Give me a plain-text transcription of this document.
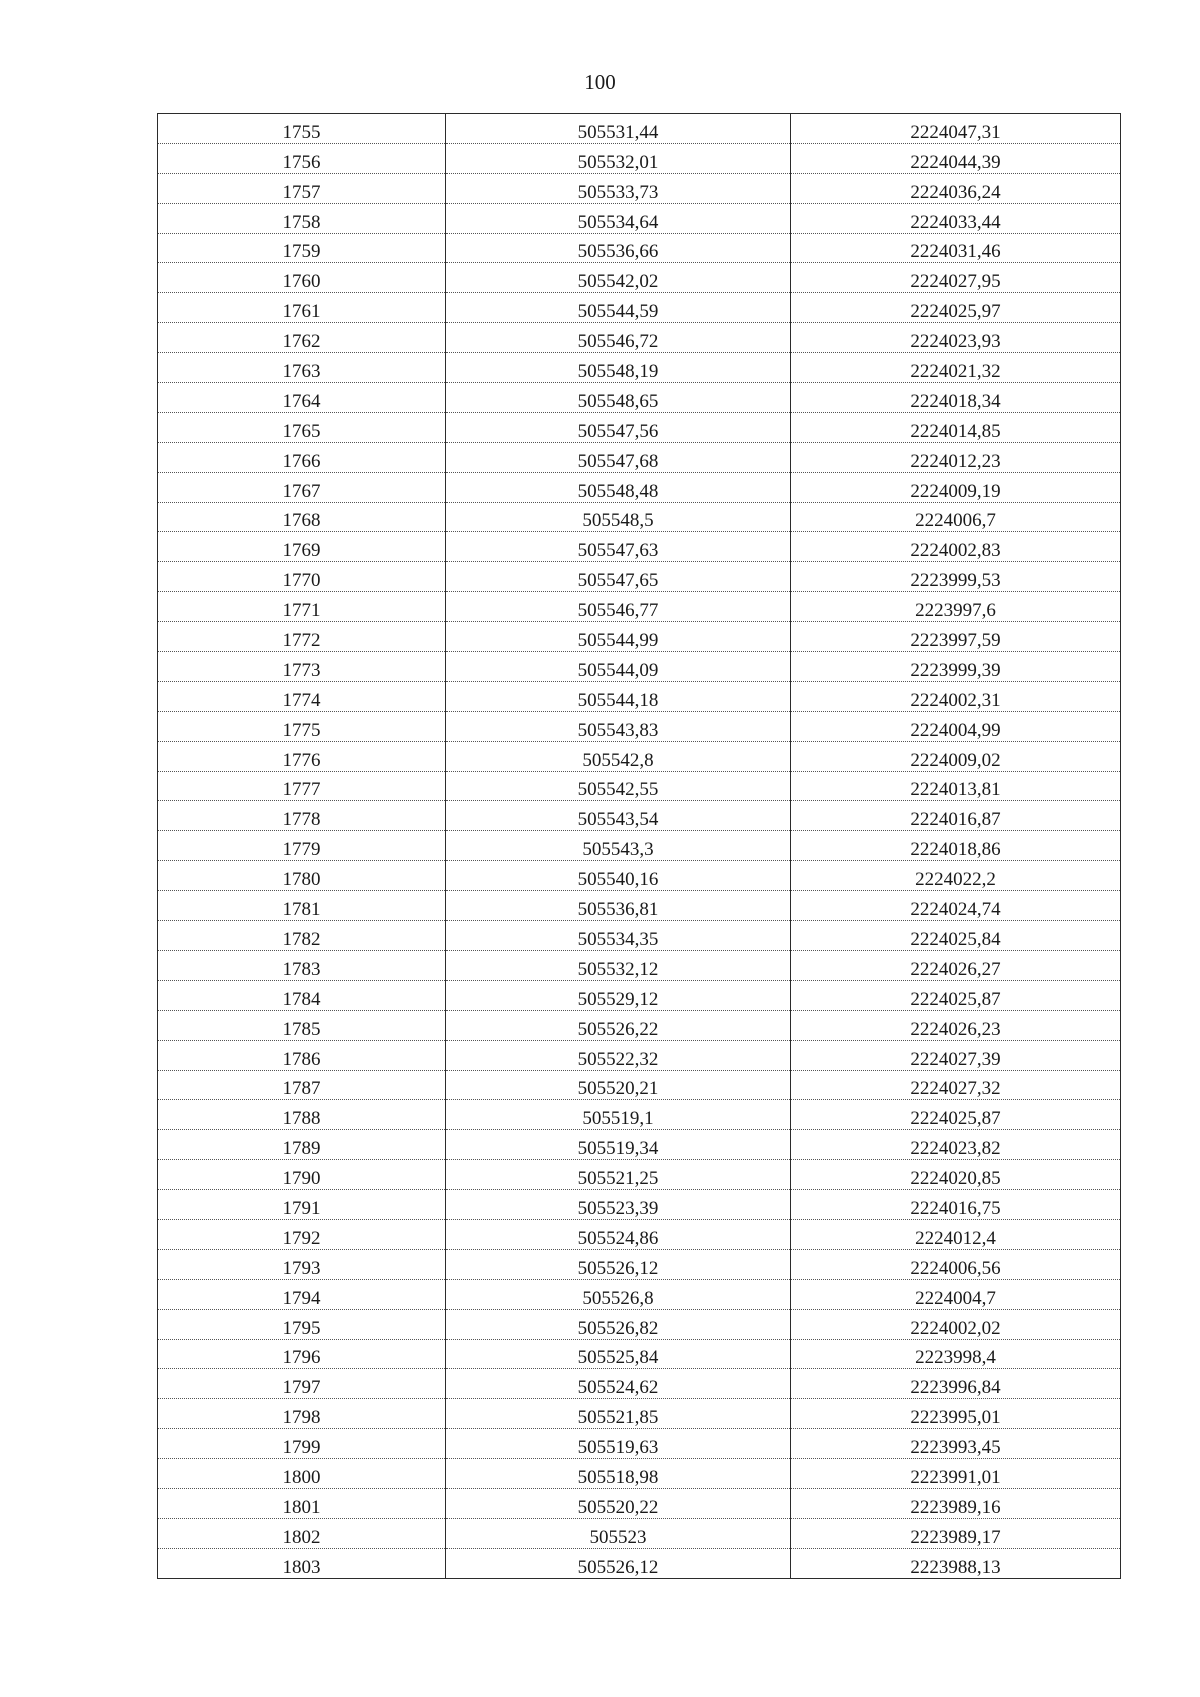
100
1755	505531,44	2224047,31
1756	505532,01	2224044,39
1757	505533,73	2224036,24
1758	505534,64	2224033,44
1759	505536,66	2224031,46
1760	505542,02	2224027,95
1761	505544,59	2224025,97
1762	505546,72	2224023,93
1763	505548,19	2224021,32
1764	505548,65	2224018,34
1765	505547,56	2224014,85
1766	505547,68	2224012,23
1767	505548,48	2224009,19
1768	505548,5	2224006,7
1769	505547,63	2224002,83
1770	505547,65	2223999,53
1771	505546,77	2223997,6
1772	505544,99	2223997,59
1773	505544,09	2223999,39
1774	505544,18	2224002,31
1775	505543,83	2224004,99
1776	505542,8	2224009,02
1777	505542,55	2224013,81
1778	505543,54	2224016,87
1779	505543,3	2224018,86
1780	505540,16	2224022,2
1781	505536,81	2224024,74
1782	505534,35	2224025,84
1783	505532,12	2224026,27
1784	505529,12	2224025,87
1785	505526,22	2224026,23
1786	505522,32	2224027,39
1787	505520,21	2224027,32
1788	505519,1	2224025,87
1789	505519,34	2224023,82
1790	505521,25	2224020,85
1791	505523,39	2224016,75
1792	505524,86	2224012,4
1793	505526,12	2224006,56
1794	505526,8	2224004,7
1795	505526,82	2224002,02
1796	505525,84	2223998,4
1797	505524,62	2223996,84
1798	505521,85	2223995,01
1799	505519,63	2223993,45
1800	505518,98	2223991,01
1801	505520,22	2223989,16
1802	505523	2223989,17
1803	505526,12	2223988,13
